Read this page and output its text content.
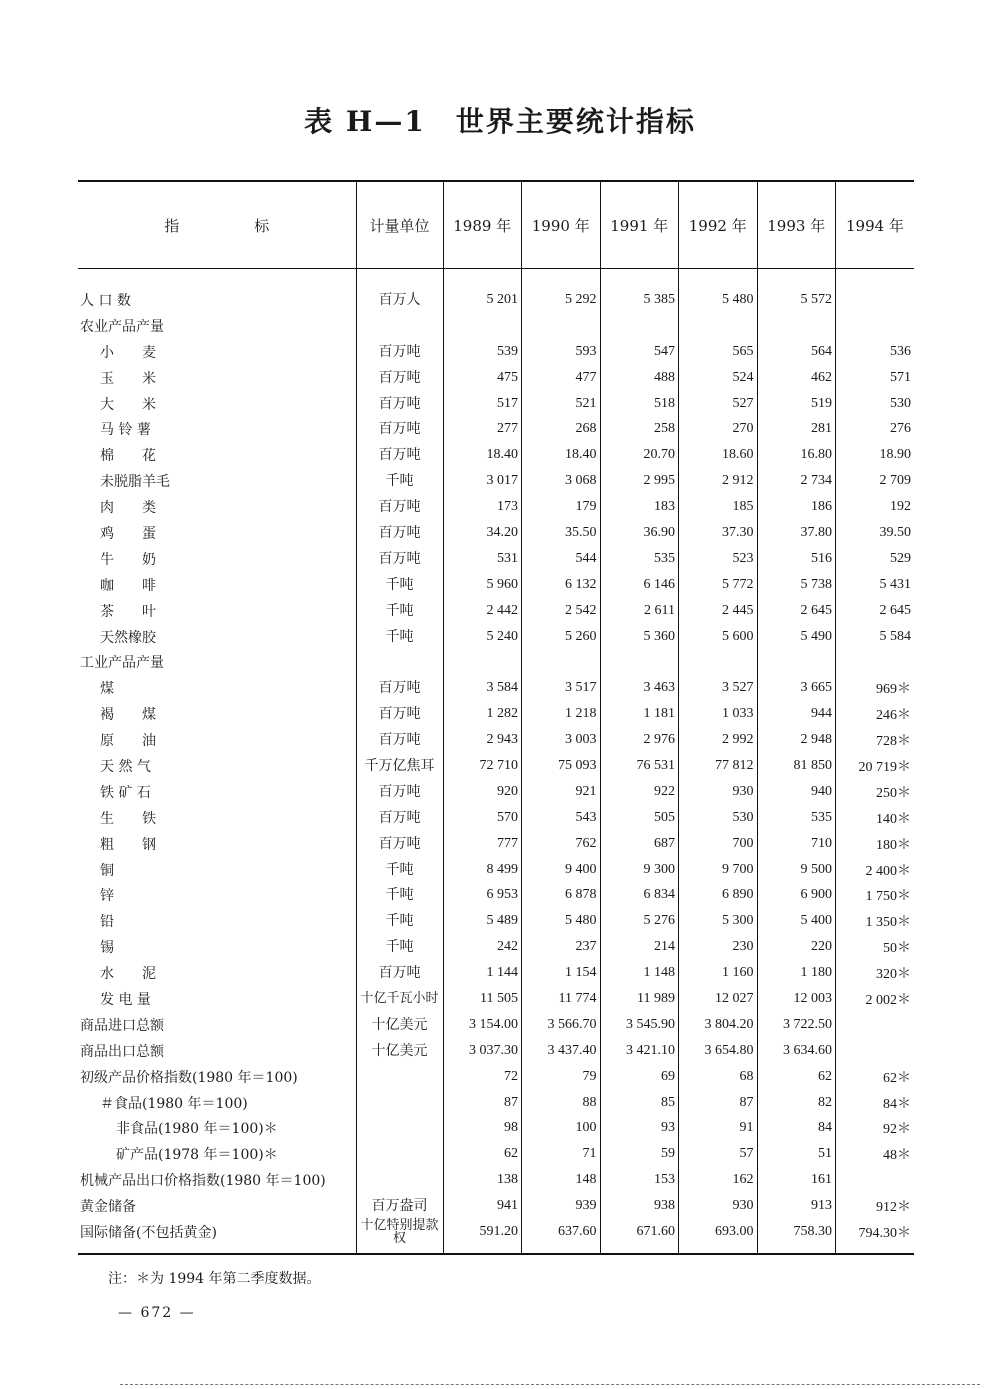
表 H—1　世界主要统计指标
指　　　　　标	计量单位	1989 年	1990 年	1991 年	1992 年	1993 年	1994 年
人 口 数	百万人	5 201	5 292	5 385	5 480	5 572	
农业产品产量							
小　　麦	百万吨	539	593	547	565	564	536
玉　　米	百万吨	475	477	488	524	462	571
大　　米	百万吨	517	521	518	527	519	530
马 铃 薯	百万吨	277	268	258	270	281	276
棉　　花	百万吨	18.40	18.40	20.70	18.60	16.80	18.90
未脱脂羊毛	千吨	3 017	3 068	2 995	2 912	2 734	2 709
肉　　类	百万吨	173	179	183	185	186	192
鸡　　蛋	百万吨	34.20	35.50	36.90	37.30	37.80	39.50
牛　　奶	百万吨	531	544	535	523	516	529
咖　　啡	千吨	5 960	6 132	6 146	5 772	5 738	5 431
茶　　叶	千吨	2 442	2 542	2 611	2 445	2 645	2 645
天然橡胶	千吨	5 240	5 260	5 360	5 600	5 490	5 584
工业产品产量							
煤	百万吨	3 584	3 517	3 463	3 527	3 665	969＊
褐　　煤	百万吨	1 282	1 218	1 181	1 033	944	246＊
原　　油	百万吨	2 943	3 003	2 976	2 992	2 948	728＊
天 然 气	千万亿焦耳	72 710	75 093	76 531	77 812	81 850	20 719＊
铁 矿 石	百万吨	920	921	922	930	940	250＊
生　　铁	百万吨	570	543	505	530	535	140＊
粗　　钢	百万吨	777	762	687	700	710	180＊
铜	千吨	8 499	9 400	9 300	9 700	9 500	2 400＊
锌	千吨	6 953	6 878	6 834	6 890	6 900	1 750＊
铅	千吨	5 489	5 480	5 276	5 300	5 400	1 350＊
锡	千吨	242	237	214	230	220	50＊
水　　泥	百万吨	1 144	1 154	1 148	1 160	1 180	320＊
发 电 量	十亿千瓦小时	11 505	11 774	11 989	12 027	12 003	2 002＊
商品进口总额	十亿美元	3 154.00	3 566.70	3 545.90	3 804.20	3 722.50	
商品出口总额	十亿美元	3 037.30	3 437.40	3 421.10	3 654.80	3 634.60	
初级产品价格指数(1980 年＝100)		72	79	69	68	62	62＊
＃食品(1980 年＝100)		87	88	85	87	82	84＊
非食品(1980 年＝100)＊		98	100	93	91	84	92＊
矿产品(1978 年＝100)＊		62	71	59	57	51	48＊
机械产品出口价格指数(1980 年＝100)		138	148	153	162	161	
黄金储备	百万盎司	941	939	938	930	913	912＊
国际储备(不包括黄金)	十亿特别提款权	591.20	637.60	671.60	693.00	758.30	794.30＊
注：＊为 1994 年第二季度数据。
— 672 —
